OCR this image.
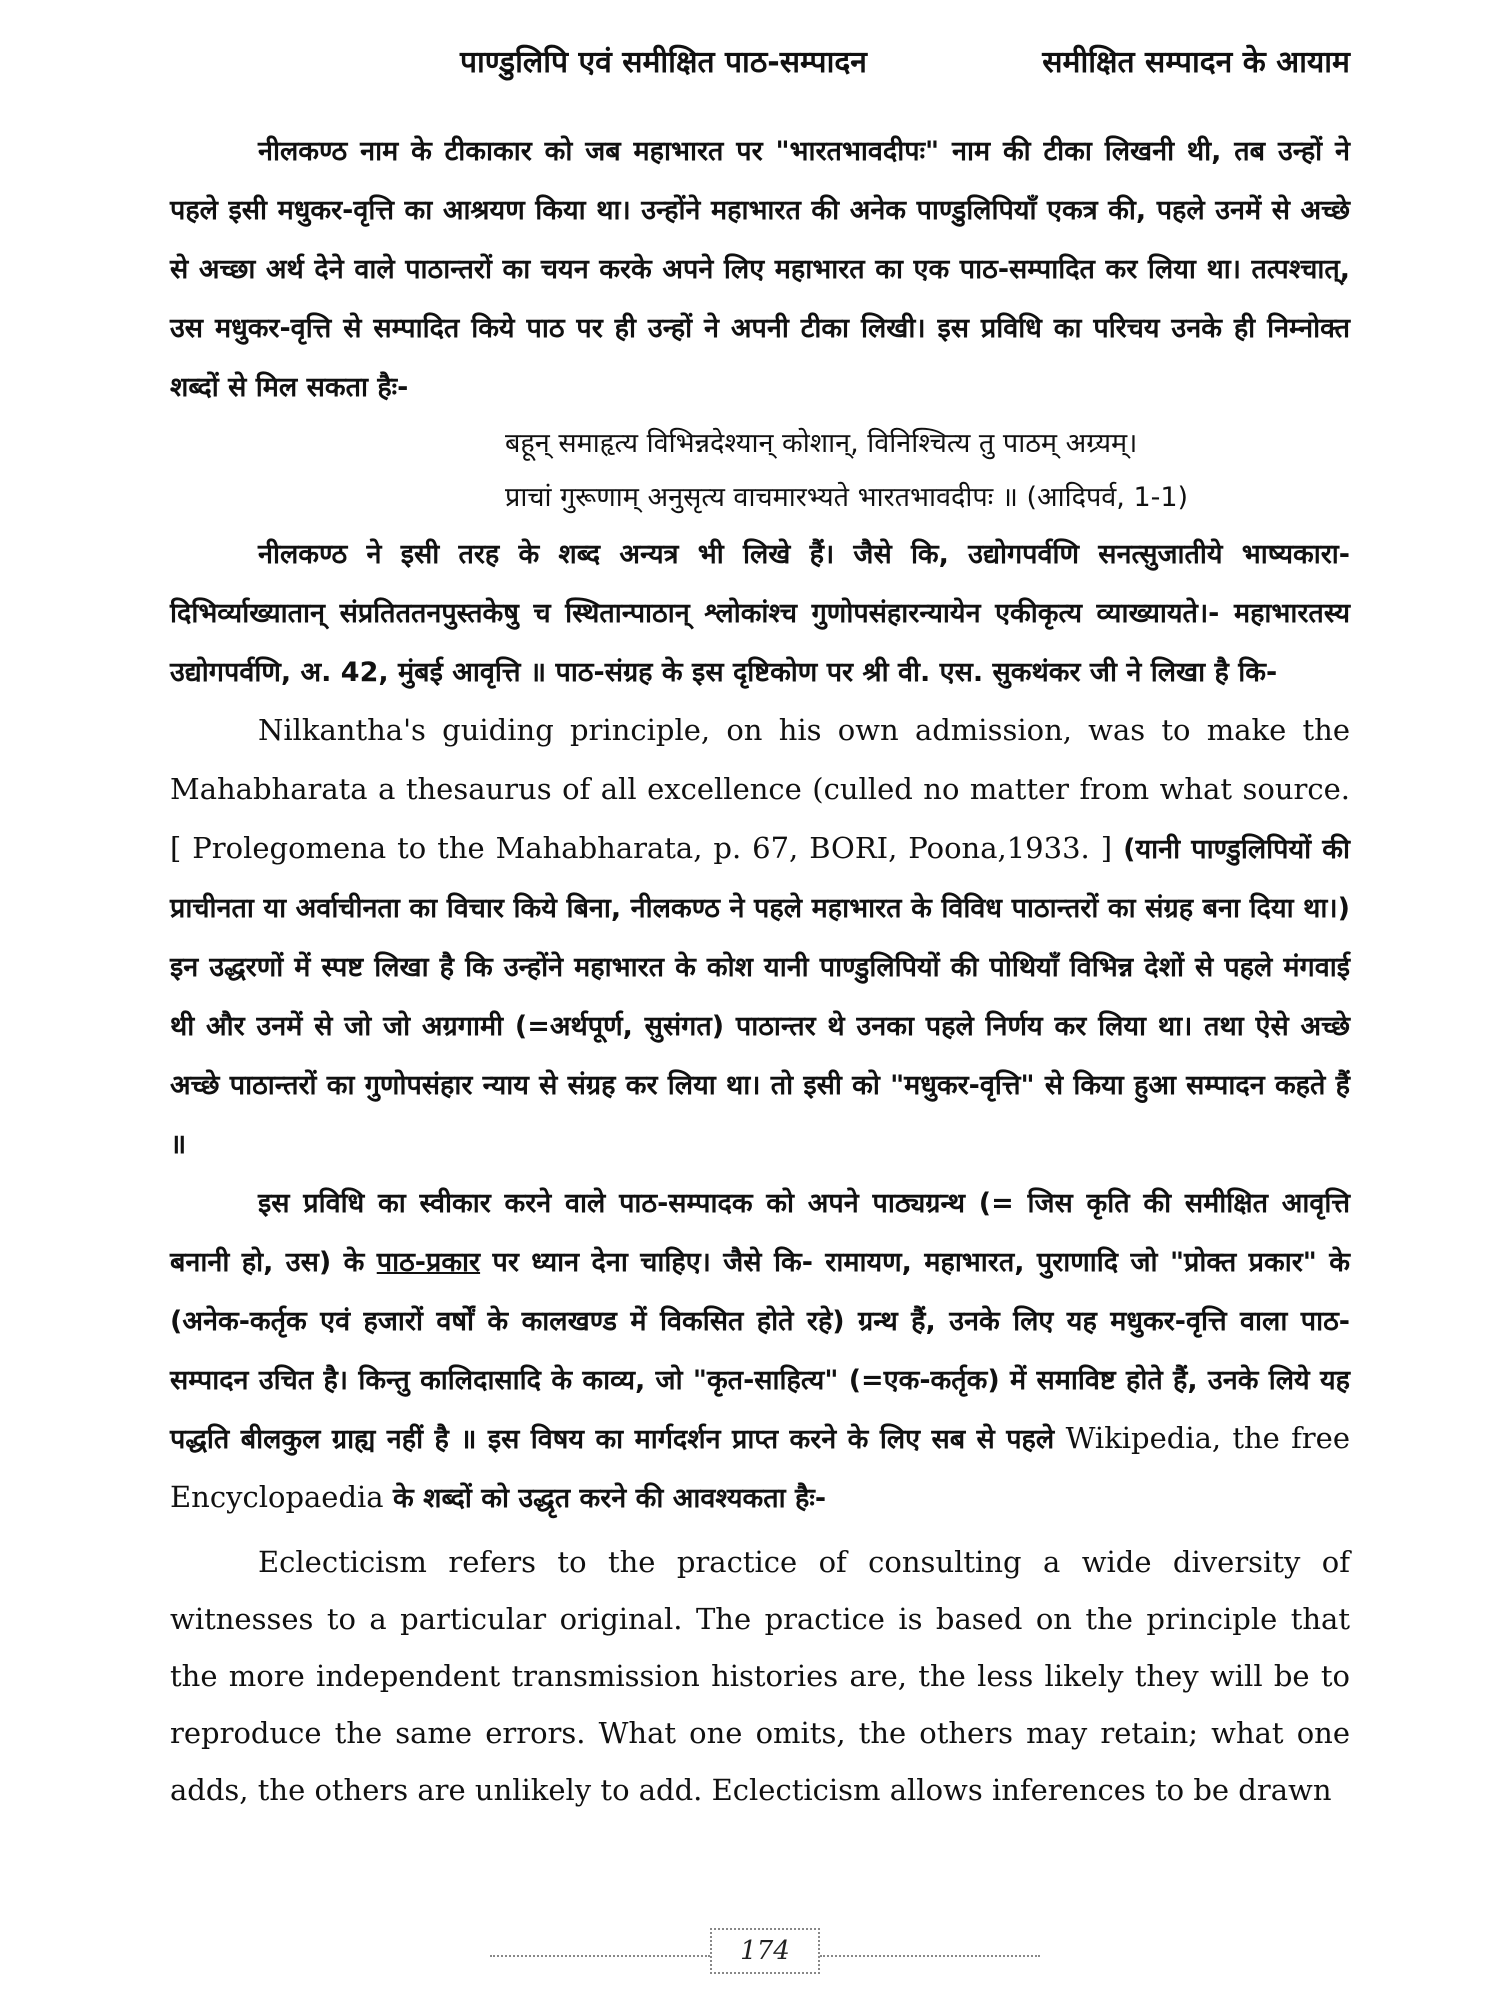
पाण्डुलिपि एवं समीक्षित पाठ-सम्पादन	समीक्षित सम्पादन के आयाम

नीलकण्ठ नाम के टीकाकार को जब महाभारत पर "भारतभावदीपः" नाम की टीका लिखनी थी, तब उन्हों ने पहले इसी मधुकर-वृत्ति का आश्रयण किया था। उन्होंने महाभारत की अनेक पाण्डुलिपियाँ एकत्र की, पहले उनमें से अच्छे से अच्छा अर्थ देने वाले पाठान्तरों का चयन करके अपने लिए महाभारत का एक पाठ-सम्पादित कर लिया था। तत्पश्चात्, उस मधुकर-वृत्ति से सम्पादित किये पाठ पर ही उन्हों ने अपनी टीका लिखी। इस प्रविधि का परिचय उनके ही निम्नोक्त शब्दों से मिल सकता हैः-

बहून् समाहृत्य विभिन्नदेश्यान् कोशान्, विनिश्चित्य तु पाठम् अग्र्यम्।

प्राचां गुरूणाम् अनुसृत्य वाचमारभ्यते भारतभावदीपः ॥ (आदिपर्व, 1-1)

नीलकण्ठ ने इसी तरह के शब्द अन्यत्र भी लिखे हैं। जैसे कि, उद्योगपर्वणि सनत्सुजातीये भाष्यकारा-दिभिर्व्याख्यातान् संप्रतिततनपुस्तकेषु च स्थितान्पाठान् श्लोकांश्च गुणोपसंहारन्यायेन एकीकृत्य व्याख्यायते।- महाभारतस्य उद्योगपर्वणि, अ. 42, मुंबई आवृत्ति ॥ पाठ-संग्रह के इस दृष्टिकोण पर श्री वी. एस. सुकथंकर जी ने लिखा है कि-

Nilkantha's guiding principle, on his own admission, was to make the Mahabharata a thesaurus of all excellence (culled no matter from what source. [ Prolegomena to the Mahabharata, p. 67, BORI, Poona,1933. ] (यानी पाण्डुलिपियों की प्राचीनता या अर्वाचीनता का विचार किये बिना, नीलकण्ठ ने पहले महाभारत के विविध पाठान्तरों का संग्रह बना दिया था।) इन उद्धरणों में स्पष्ट लिखा है कि उन्होंने महाभारत के कोश यानी पाण्डुलिपियों की पोथियाँ विभिन्न देशों से पहले मंगवाई थी और उनमें से जो जो अग्रगामी (=अर्थपूर्ण, सुसंगत) पाठान्तर थे उनका पहले निर्णय कर लिया था। तथा ऐसे अच्छे अच्छे पाठान्तरों का गुणोपसंहार न्याय से संग्रह कर लिया था। तो इसी को "मधुकर-वृत्ति" से किया हुआ सम्पादन कहते हैं ॥

इस प्रविधि का स्वीकार करने वाले पाठ-सम्पादक को अपने पाठ्यग्रन्थ (= जिस कृति की समीक्षित आवृत्ति बनानी हो, उस) के पाठ-प्रकार पर ध्यान देना चाहिए। जैसे कि- रामायण, महाभारत, पुराणादि जो "प्रोक्त प्रकार" के (अनेक-कर्तृक एवं हजारों वर्षों के कालखण्ड में विकसित होते रहे) ग्रन्थ हैं, उनके लिए यह मधुकर-वृत्ति वाला पाठ-सम्पादन उचित है। किन्तु कालिदासादि के काव्य, जो "कृत-साहित्य" (=एक-कर्तृक) में समाविष्ट होते हैं, उनके लिये यह पद्धति बीलकुल ग्राह्य नहीं है ॥ इस विषय का मार्गदर्शन प्राप्त करने के लिए सब से पहले Wikipedia, the free Encyclopaedia के शब्दों को उद्धृत करने की आवश्यकता हैः-

Eclecticism refers to the practice of consulting a wide diversity of witnesses to a particular original. The practice is based on the principle that the more independent transmission histories are, the less likely they will be to reproduce the same errors. What one omits, the others may retain; what one adds, the others are unlikely to add. Eclecticism allows inferences to be drawn

174
